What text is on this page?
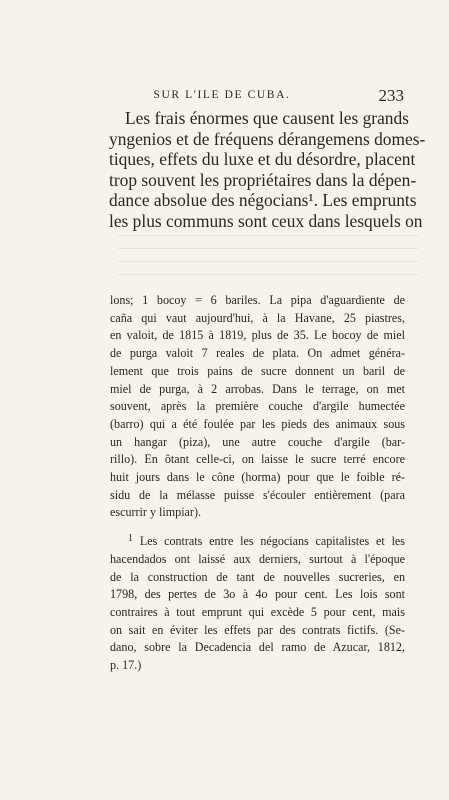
SUR L'ILE DE CUBA.	233
Les frais énormes que causent les grands
yngenios et de fréquens dérangemens domes-
tiques, effets du luxe et du désordre, placent
trop souvent les propriétaires dans la dépen-
dance absolue des négocians¹. Les emprunts
les plus communs sont ceux dans lesquels on
lons; 1 bocoy = 6 bariles. La pipa d'aguardiente de
caña qui vaut aujourd'hui, à la Havane, 25 piastres,
en valoit, de 1815 à 1819, plus de 35. Le bocoy de miel
de purga valoit 7 reales de plata. On admet généra-
lement que trois pains de sucre donnent un baril de
miel de purga, à 2 arrobas. Dans le terrage, on met
souvent, après la première couche d'argile humectée
(barro) qui a été foulée par les pieds des animaux sous
un hangar (piza), une autre couche d'argile (bar-
rillo). En ôtant celle-ci, on laisse le sucre terré encore
huit jours dans le cône (horma) pour que le foible ré-
sidu de la mélasse puisse s'écouler entièrement (para
escurrir y limpiar).
$^1$ Les contrats entre les négocians capitalistes et les
hacendados ont laissé aux derniers, surtout à l'époque
de la construction de tant de nouvelles sucreries, en
1798, des pertes de 3o à 4o pour cent. Les lois sont
contraires à tout emprunt qui excède 5 pour cent, mais
on sait en éviter les effets par des contrats fictifs. (Se-
dano, sobre la Decadencia del ramo de Azucar, 1812,
p. 17.)
